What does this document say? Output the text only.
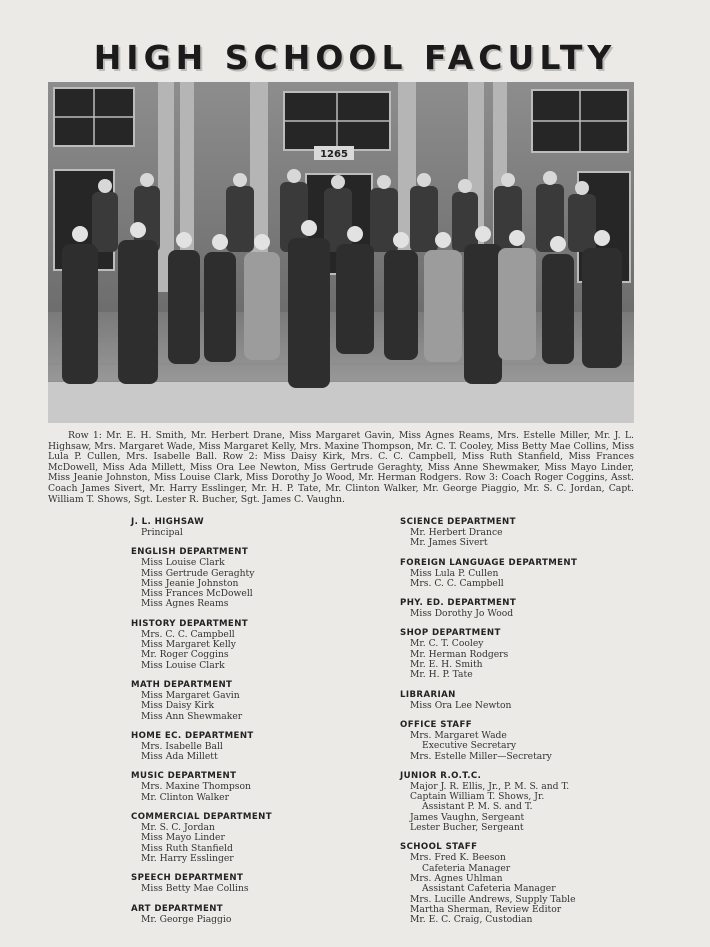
HIGH SCHOOL FACULTY
1265
Row 1: Mr. E. H. Smith, Mr. Herbert Drane, Miss Margaret Gavin, Miss Agnes Reams, Mrs. Estelle Miller, Mr. J. L. Highsaw, Mrs. Margaret Wade, Miss Margaret Kelly, Mrs. Maxine Thompson, Mr. C. T. Cooley, Miss Betty Mae Collins, Miss Lula P. Cullen, Mrs. Isabelle Ball. Row 2: Miss Daisy Kirk, Mrs. C. C. Campbell, Miss Ruth Stanfield, Miss Frances McDowell, Miss Ada Millett, Miss Ora Lee Newton, Miss Gertrude Geraghty, Miss Anne Shewmaker, Miss Mayo Linder, Miss Jeanie Johnston, Miss Louise Clark, Miss Dorothy Jo Wood, Mr. Herman Rodgers. Row 3: Coach Roger Coggins, Asst. Coach James Sivert, Mr. Harry Esslinger, Mr. H. P. Tate, Mr. Clinton Walker, Mr. George Piaggio, Mr. S. C. Jordan, Capt. William T. Shows, Sgt. Lester R. Bucher, Sgt. James C. Vaughn.
J. L. HIGHSAW
Principal
ENGLISH DEPARTMENT
Miss Louise Clark
Miss Gertrude Geraghty
Miss Jeanie Johnston
Miss Frances McDowell
Miss Agnes Reams
HISTORY DEPARTMENT
Mrs. C. C. Campbell
Miss Margaret Kelly
Mr. Roger Coggins
Miss Louise Clark
MATH DEPARTMENT
Miss Margaret Gavin
Miss Daisy Kirk
Miss Ann Shewmaker
HOME EC. DEPARTMENT
Mrs. Isabelle Ball
Miss Ada Millett
MUSIC DEPARTMENT
Mrs. Maxine Thompson
Mr. Clinton Walker
COMMERCIAL DEPARTMENT
Mr. S. C. Jordan
Miss Mayo Linder
Miss Ruth Stanfield
Mr. Harry Esslinger
SPEECH DEPARTMENT
Miss Betty Mae Collins
ART DEPARTMENT
Mr. George Piaggio
SCIENCE DEPARTMENT
Mr. Herbert Drance
Mr. James Sivert
FOREIGN LANGUAGE DEPARTMENT
Miss Lula P. Cullen
Mrs. C. C. Campbell
PHY. ED. DEPARTMENT
Miss Dorothy Jo Wood
SHOP DEPARTMENT
Mr. C. T. Cooley
Mr. Herman Rodgers
Mr. E. H. Smith
Mr. H. P. Tate
LIBRARIAN
Miss Ora Lee Newton
OFFICE STAFF
Mrs. Margaret Wade
Executive Secretary
Mrs. Estelle Miller—Secretary
JUNIOR R.O.T.C.
Major J. R. Ellis, Jr., P. M. S. and T.
Captain William T. Shows, Jr.
Assistant P. M. S. and T.
James Vaughn, Sergeant
Lester Bucher, Sergeant
SCHOOL STAFF
Mrs. Fred K. Beeson
Cafeteria Manager
Mrs. Agnes Uhlman
Assistant Cafeteria Manager
Mrs. Lucille Andrews, Supply Table
Martha Sherman, Review Editor
Mr. E. C. Craig, Custodian
